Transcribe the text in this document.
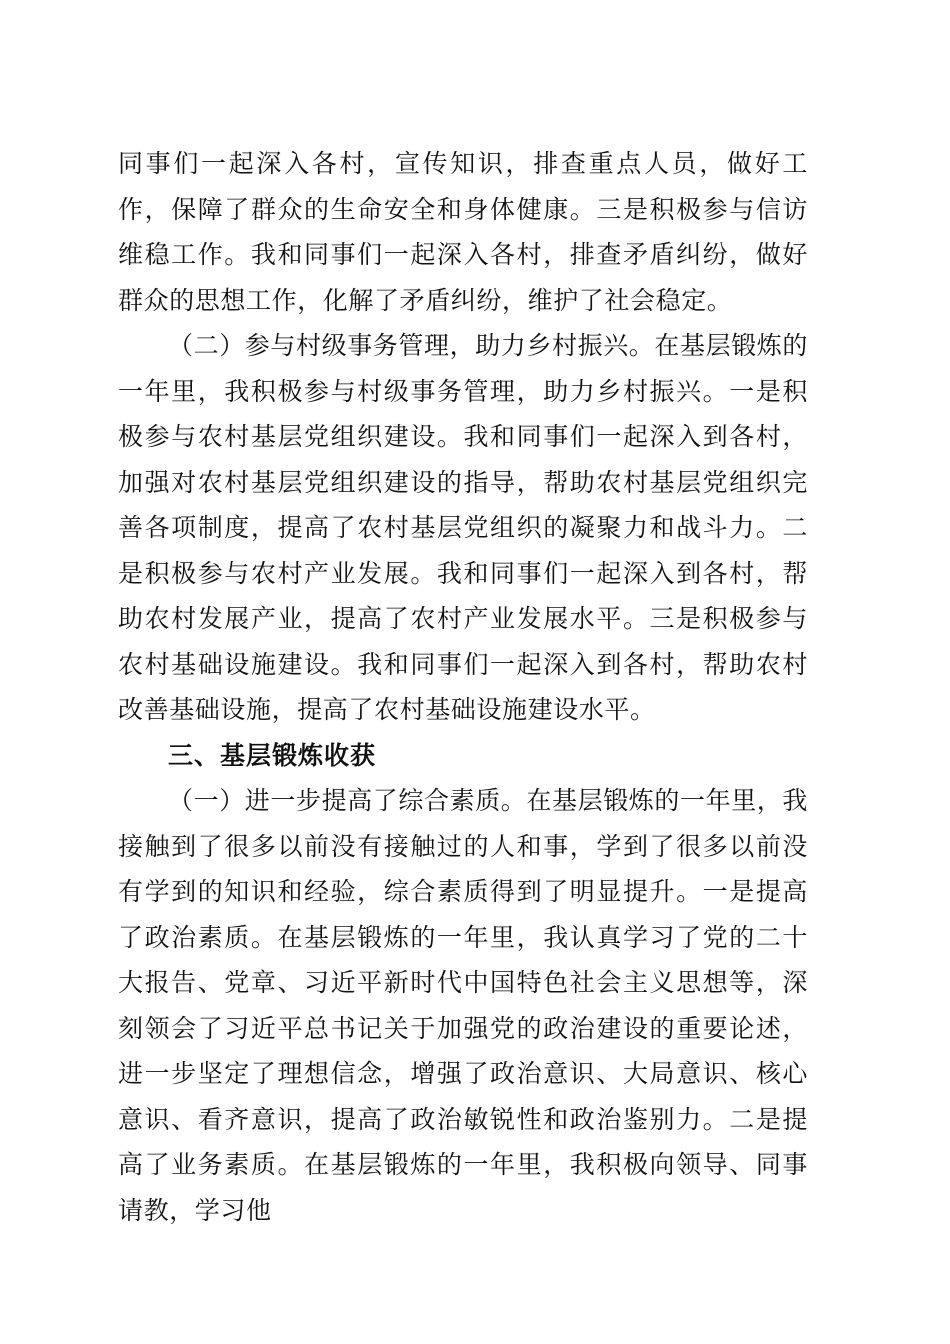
同事们一起深入各村，宣传知识，排查重点人员，做好工作，保障了群众的生命安全和身体健康。三是积极参与信访维稳工作。我和同事们一起深入各村，排查矛盾纠纷，做好群众的思想工作，化解了矛盾纠纷，维护了社会稳定。

（二）参与村级事务管理，助力乡村振兴。在基层锻炼的一年里，我积极参与村级事务管理，助力乡村振兴。一是积极参与农村基层党组织建设。我和同事们一起深入到各村，加强对农村基层党组织建设的指导，帮助农村基层党组织完善各项制度，提高了农村基层党组织的凝聚力和战斗力。二是积极参与农村产业发展。我和同事们一起深入到各村，帮助农村发展产业，提高了农村产业发展水平。三是积极参与农村基础设施建设。我和同事们一起深入到各村，帮助农村改善基础设施，提高了农村基础设施建设水平。

三、基层锻炼收获

（一）进一步提高了综合素质。在基层锻炼的一年里，我接触到了很多以前没有接触过的人和事，学到了很多以前没有学到的知识和经验，综合素质得到了明显提升。一是提高了政治素质。在基层锻炼的一年里，我认真学习了党的二十大报告、党章、习近平新时代中国特色社会主义思想等，深刻领会了习近平总书记关于加强党的政治建设的重要论述，进一步坚定了理想信念，增强了政治意识、大局意识、核心意识、看齐意识，提高了政治敏锐性和政治鉴别力。二是提高了业务素质。在基层锻炼的一年里，我积极向领导、同事请教，学习他
